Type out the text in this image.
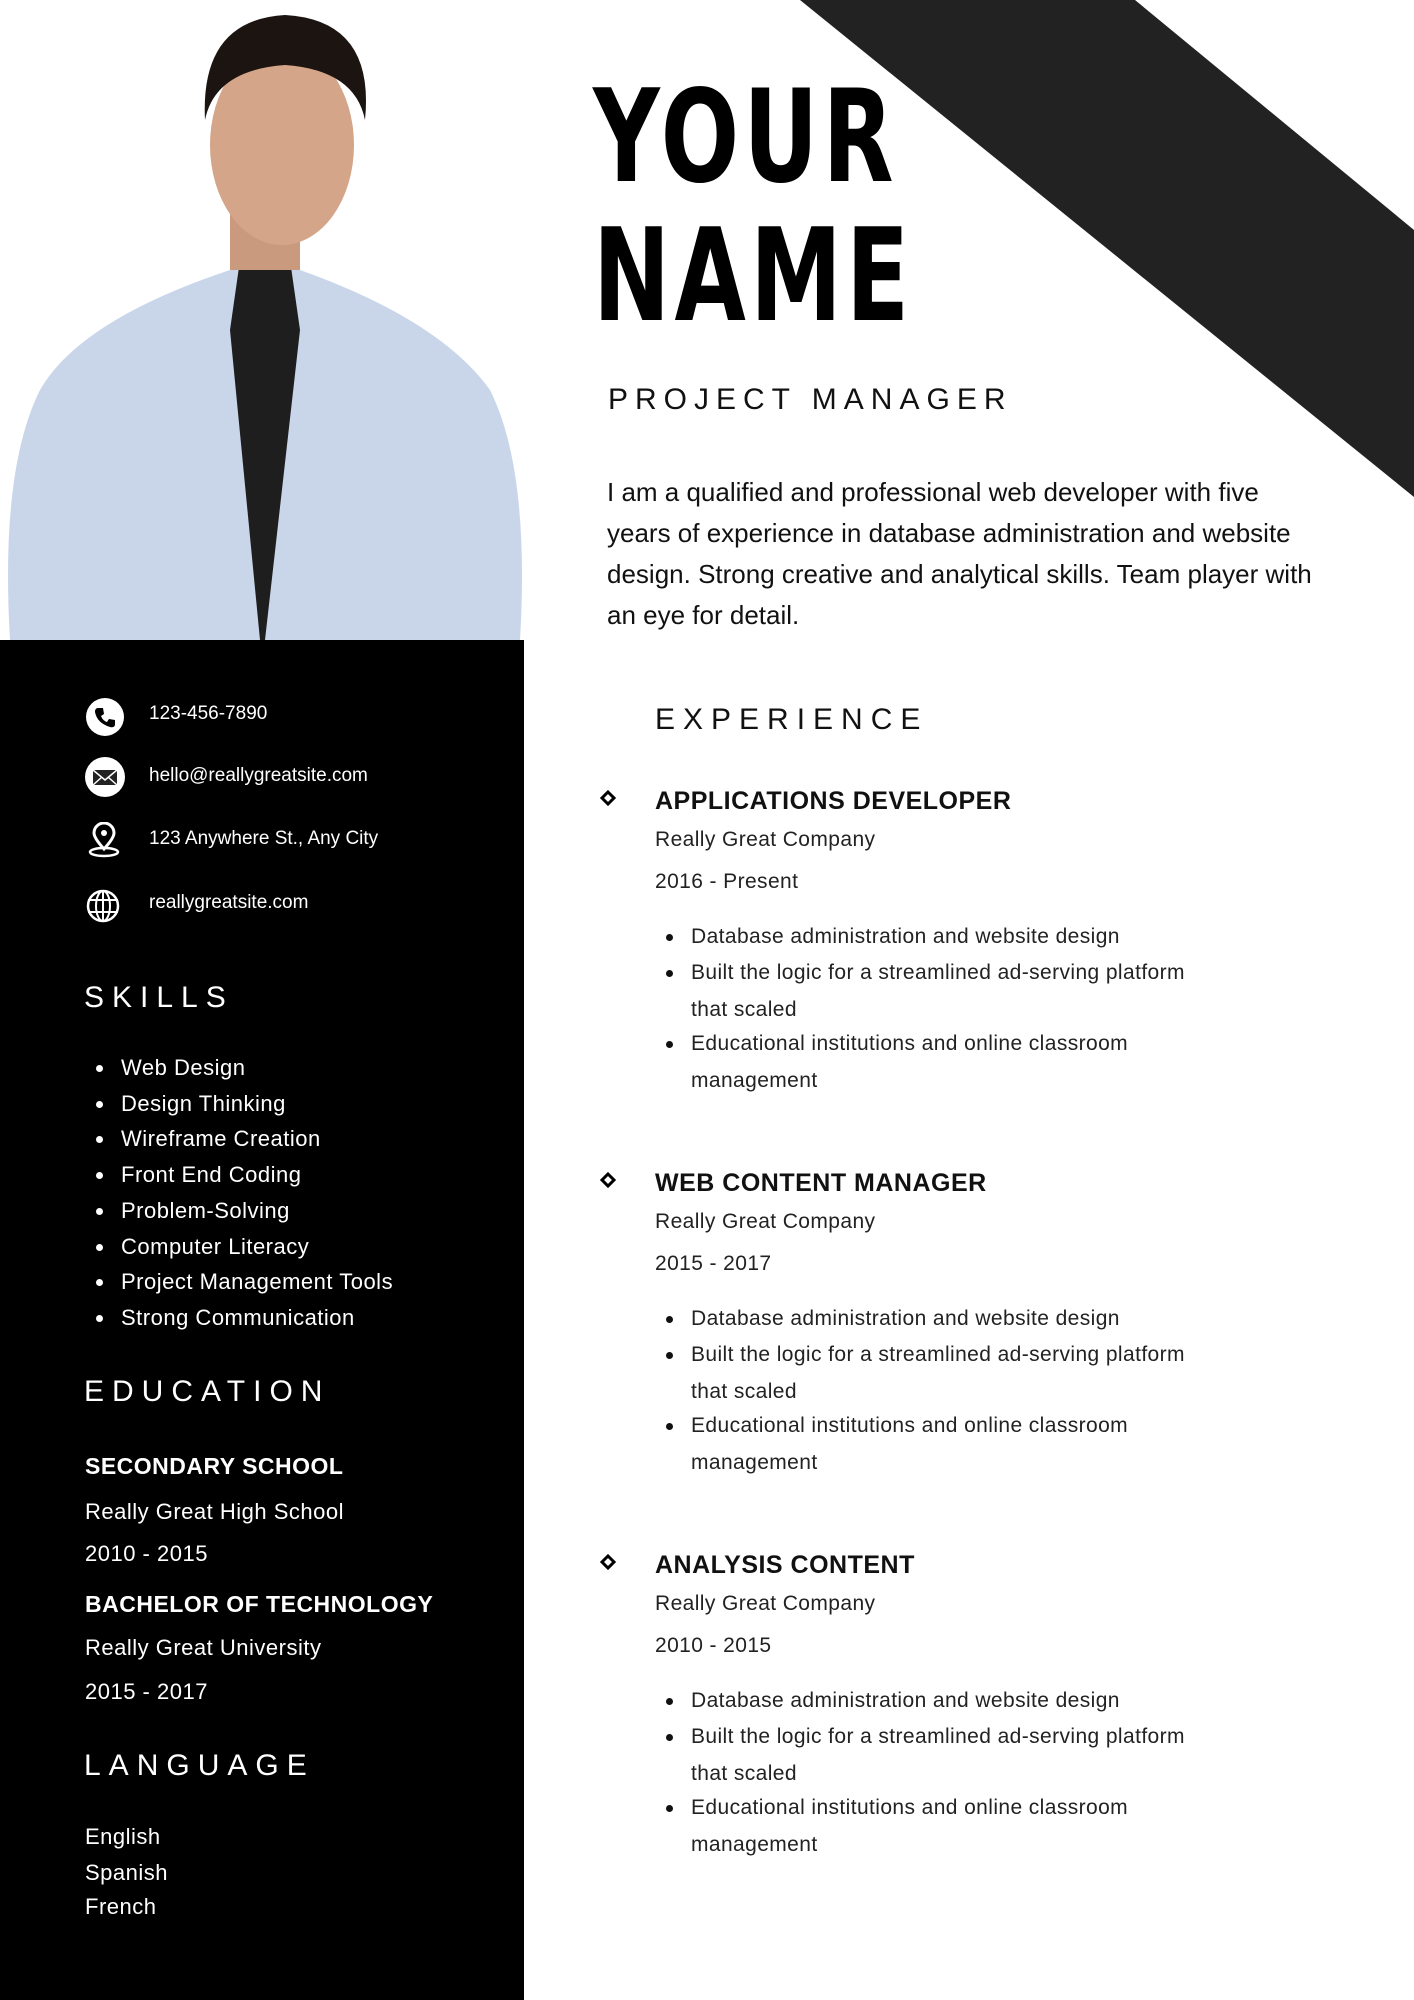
123-456-7890
hello@reallygreatsite.com
123 Anywhere St., Any City
reallygreatsite.com
SKILLS
Web Design
Design Thinking
Wireframe Creation
Front End Coding
Problem-Solving
Computer Literacy
Project Management Tools
Strong Communication
EDUCATION
SECONDARY SCHOOL
Really Great High School
2010 - 2015
BACHELOR OF TECHNOLOGY
Really Great University
2015 - 2017
LANGUAGE
English
Spanish
French
YOUR
NAME
PROJECT MANAGER
I am a qualified and professional web developer with five years of experience in database administration and website design. Strong creative and analytical skills. Team player with an eye for detail.
EXPERIENCE
APPLICATIONS DEVELOPER
Really Great Company
2016 - Present
Database administration and website design
Built the logic for a streamlined ad-serving platform
that scaled
Educational institutions and online classroom
management
WEB CONTENT MANAGER
Really Great Company
2015 - 2017
Database administration and website design
Built the logic for a streamlined ad-serving platform
that scaled
Educational institutions and online classroom
management
ANALYSIS CONTENT
Really Great Company
2010 - 2015
Database administration and website design
Built the logic for a streamlined ad-serving platform
that scaled
Educational institutions and online classroom
management
